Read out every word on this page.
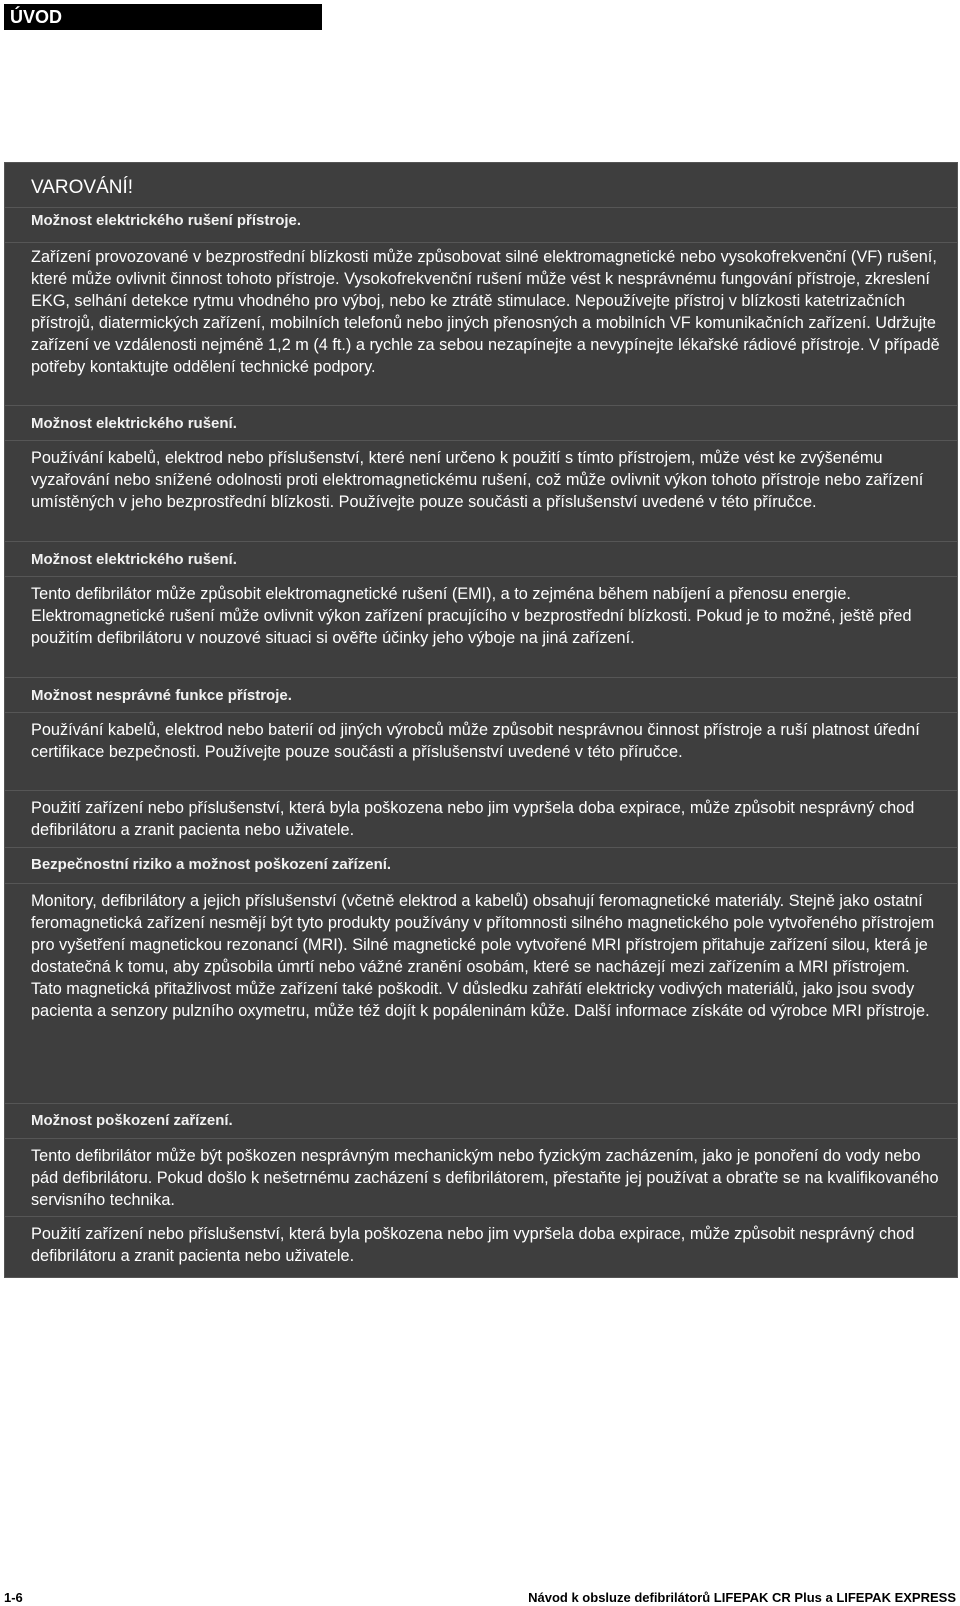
ÚVOD
VAROVÁNÍ!
Možnost elektrického rušení přístroje.
Zařízení provozované v bezprostřední blízkosti může způsobovat silné elektromagnetické nebo vysokofrekvenční (VF) rušení, které může ovlivnit činnost tohoto přístroje. Vysokofrekvenční rušení může vést k nesprávnému fungování přístroje, zkreslení EKG, selhání detekce rytmu vhodného pro výboj, nebo ke ztrátě stimulace. Nepoužívejte přístroj v blízkosti katetrizačních přístrojů, diatermických zařízení, mobilních telefonů nebo jiných přenosných a mobilních VF komunikačních zařízení. Udržujte zařízení ve vzdálenosti nejméně 1,2 m (4 ft.) a rychle za sebou nezapínejte a nevypínejte lékařské rádiové přístroje. V případě potřeby kontaktujte oddělení technické podpory.
Možnost elektrického rušení.
Používání kabelů, elektrod nebo příslušenství, které není určeno k použití s tímto přístrojem, může vést ke zvýšenému vyzařování nebo snížené odolnosti proti elektromagnetickému rušení, což může ovlivnit výkon tohoto přístroje nebo zařízení umístěných v jeho bezprostřední blízkosti. Používejte pouze součásti a příslušenství uvedené v této příručce.
Možnost elektrického rušení.
Tento defibrilátor může způsobit elektromagnetické rušení (EMI), a to zejména během nabíjení a přenosu energie. Elektromagnetické rušení může ovlivnit výkon zařízení pracujícího v bezprostřední blízkosti. Pokud je to možné, ještě před použitím defibrilátoru v nouzové situaci si ověřte účinky jeho výboje na jiná zařízení.
Možnost nesprávné funkce přístroje.
Používání kabelů, elektrod nebo baterií od jiných výrobců může způsobit nesprávnou činnost přístroje a ruší platnost úřední certifikace bezpečnosti. Používejte pouze součásti a příslušenství uvedené v této příručce.
Použití zařízení nebo příslušenství, která byla poškozena nebo jim vypršela doba expirace, může způsobit nesprávný chod defibrilátoru a zranit pacienta nebo uživatele.
Bezpečnostní riziko a možnost poškození zařízení.
Monitory, defibrilátory a jejich příslušenství (včetně elektrod a kabelů) obsahují feromagnetické materiály. Stejně jako ostatní feromagnetická zařízení nesmějí být tyto produkty používány v přítomnosti silného magnetického pole vytvořeného přístrojem pro vyšetření magnetickou rezonancí (MRI). Silné magnetické pole vytvořené MRI přístrojem přitahuje zařízení silou, která je dostatečná k tomu, aby způsobila úmrtí nebo vážné zranění osobám, které se nacházejí mezi zařízením a MRI přístrojem. Tato magnetická přitažlivost může zařízení také poškodit. V důsledku zahřátí elektricky vodivých materiálů, jako jsou svody pacienta a senzory pulzního oxymetru, může též dojít k popáleninám kůže. Další informace získáte od výrobce MRI přístroje.
Možnost poškození zařízení.
Tento defibrilátor může být poškozen nesprávným mechanickým nebo fyzickým zacházením, jako je ponoření do vody nebo pád defibrilátoru. Pokud došlo k nešetrnému zacházení s defibrilátorem, přestaňte jej používat a obraťte se na kvalifikovaného servisního technika.
Použití zařízení nebo příslušenství, která byla poškozena nebo jim vypršela doba expirace, může způsobit nesprávný chod defibrilátoru a zranit pacienta nebo uživatele.
1-6	Návod k obsluze defibrilátorů LIFEPAK CR Plus a LIFEPAK EXPRESS
